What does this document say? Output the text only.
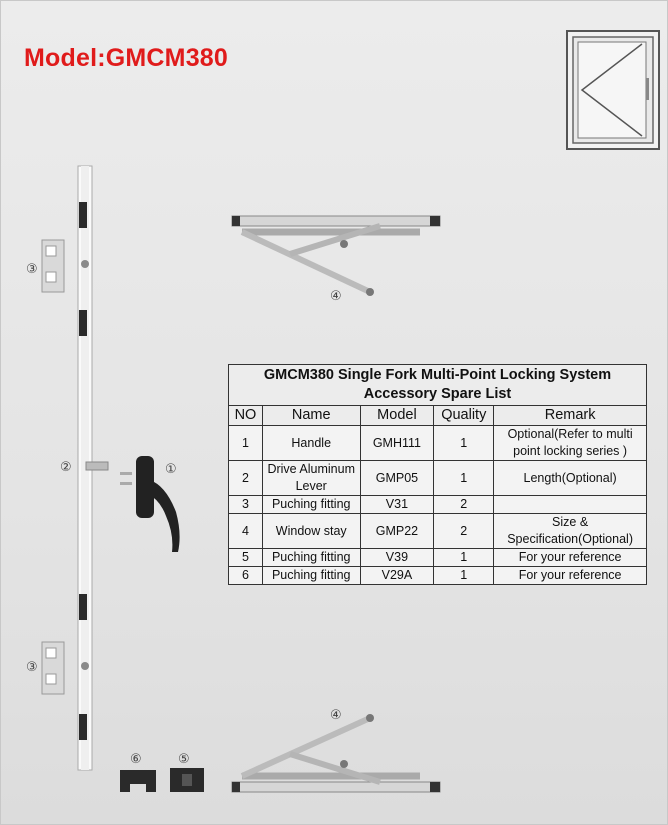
Model:GMCM380
③
②	①
③
④
④
⑥	⑤
GMCM380 Single Fork Multi-Point Locking System
Accessory Spare List				

NO	Name	Model	Quality	Remark
1	Handle	GMH111	1	Optional(Refer to multi
point locking series )

2	Drive Aluminum
Lever	GMP05	1	Length(Optional)
3	Puching fitting	V31	2	
4	Window stay	GMP22	2	Size &
Specification(Optional)

5	Puching fitting	V39	1	For your reference
6	Puching fitting	V29A	1	For your reference
